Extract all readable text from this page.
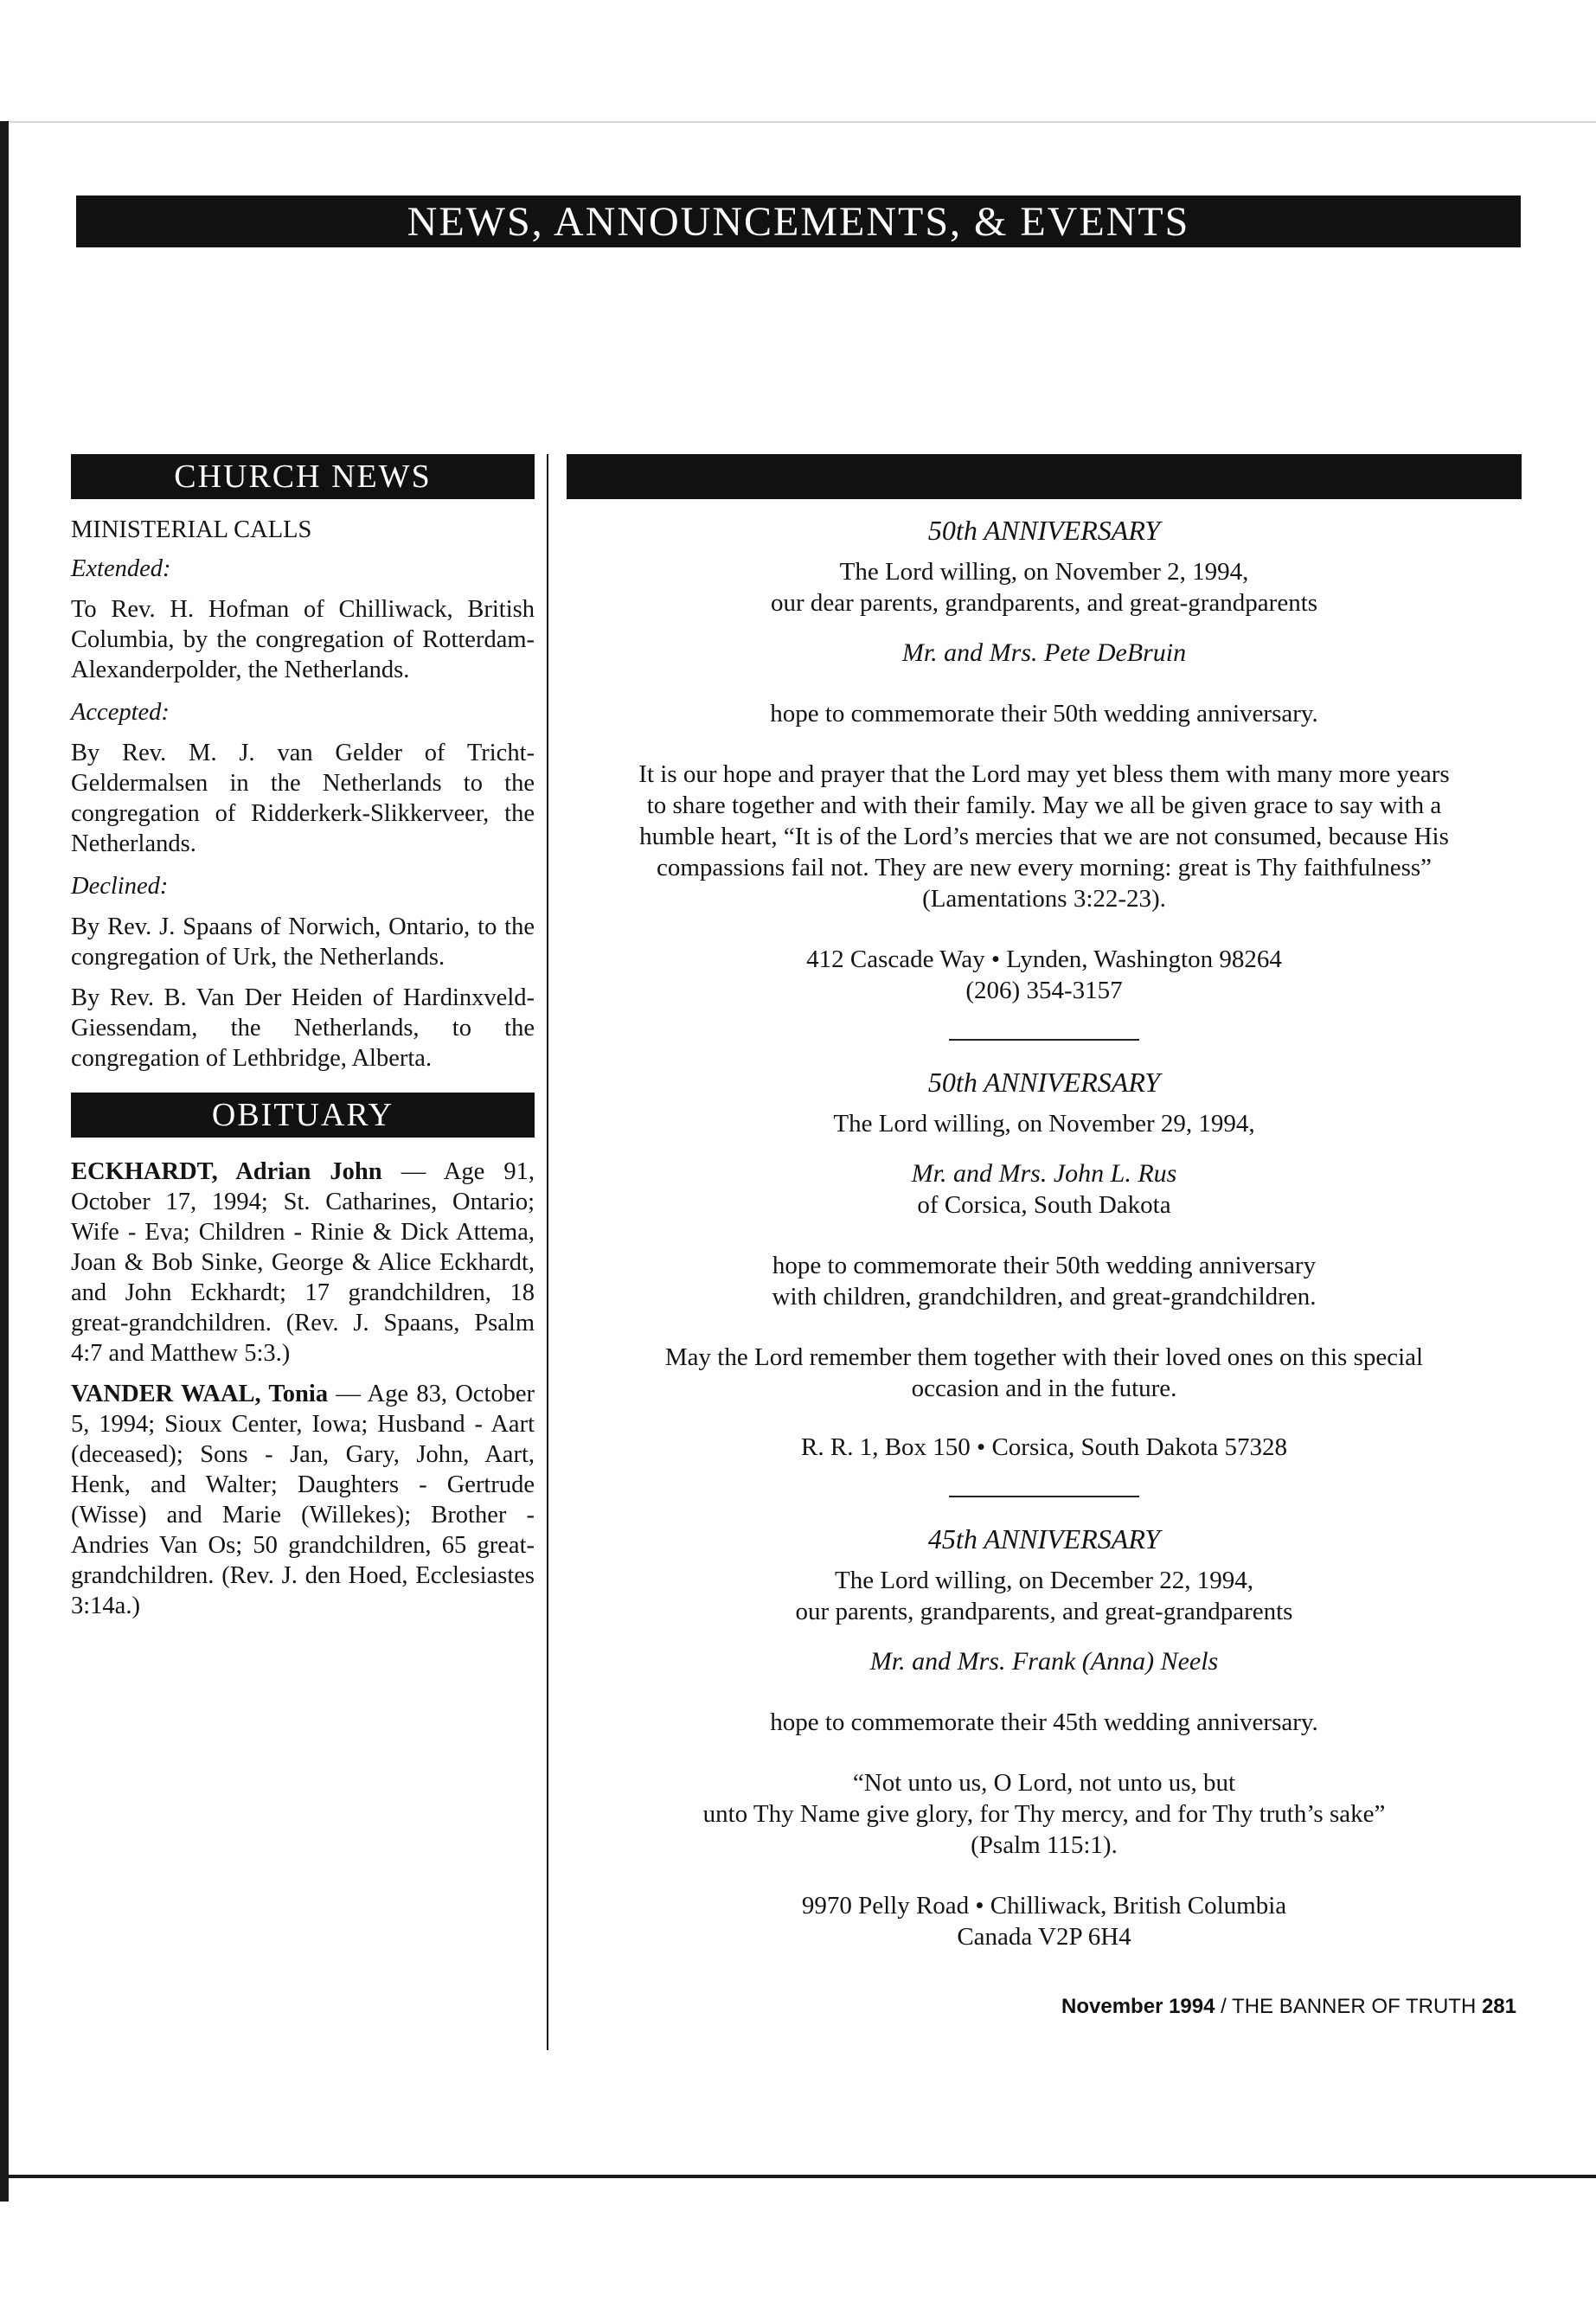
NEWS, ANNOUNCEMENTS, & EVENTS
CHURCH NEWS

MINISTERIAL CALLS

Extended:

To Rev. H. Hofman of Chilliwack, British Columbia, by the congregation of Rotterdam-Alexanderpolder, the Netherlands.

Accepted:

By Rev. M. J. van Gelder of Tricht-Geldermalsen in the Netherlands to the congregation of Ridderkerk-Slikkerveer, the Netherlands.

Declined:

By Rev. J. Spaans of Norwich, Ontario, to the congregation of Urk, the Netherlands.

By Rev. B. Van Der Heiden of Hardinxveld-Giessendam, the Netherlands, to the congregation of Lethbridge, Alberta.

OBITUARY

ECKHARDT, Adrian John — Age 91, October 17, 1994; St. Catharines, Ontario; Wife - Eva; Children - Rinie & Dick Attema, Joan & Bob Sinke, George & Alice Eckhardt, and John Eckhardt; 17 grandchildren, 18 great-grandchildren. (Rev. J. Spaans, Psalm 4:7 and Matthew 5:3.)

VANDER WAAL, Tonia — Age 83, October 5, 1994; Sioux Center, Iowa; Husband - Aart (deceased); Sons - Jan, Gary, John, Aart, Henk, and Walter; Daughters - Gertrude (Wisse) and Marie (Willekes); Brother - Andries Van Os; 50 grandchildren, 65 great-grandchildren. (Rev. J. den Hoed, Ecclesiastes 3:14a.)

50th ANNIVERSARY

The Lord willing, on November 2, 1994,

our dear parents, grandparents, and great-grandparents

Mr. and Mrs. Pete DeBruin

hope to commemorate their 50th wedding anniversary.

It is our hope and prayer that the Lord may yet bless them with many more years

to share together and with their family. May we all be given grace to say with a

humble heart, “It is of the Lord’s mercies that we are not consumed, because His

compassions fail not. They are new every morning: great is Thy faithfulness”

(Lamentations 3:22-23).

412 Cascade Way • Lynden, Washington 98264

(206) 354-3157

50th ANNIVERSARY

The Lord willing, on November 29, 1994,

Mr. and Mrs. John L. Rus

of Corsica, South Dakota

hope to commemorate their 50th wedding anniversary

with children, grandchildren, and great-grandchildren.

May the Lord remember them together with their loved ones on this special

occasion and in the future.

R. R. 1, Box 150 • Corsica, South Dakota 57328

45th ANNIVERSARY

The Lord willing, on December 22, 1994,

our parents, grandparents, and great-grandparents

Mr. and Mrs. Frank (Anna) Neels

hope to commemorate their 45th wedding anniversary.

“Not unto us, O Lord, not unto us, but

unto Thy Name give glory, for Thy mercy, and for Thy truth’s sake”

(Psalm 115:1).

9970 Pelly Road • Chilliwack, British Columbia

Canada V2P 6H4

November 1994 / THE BANNER OF TRUTH 281
